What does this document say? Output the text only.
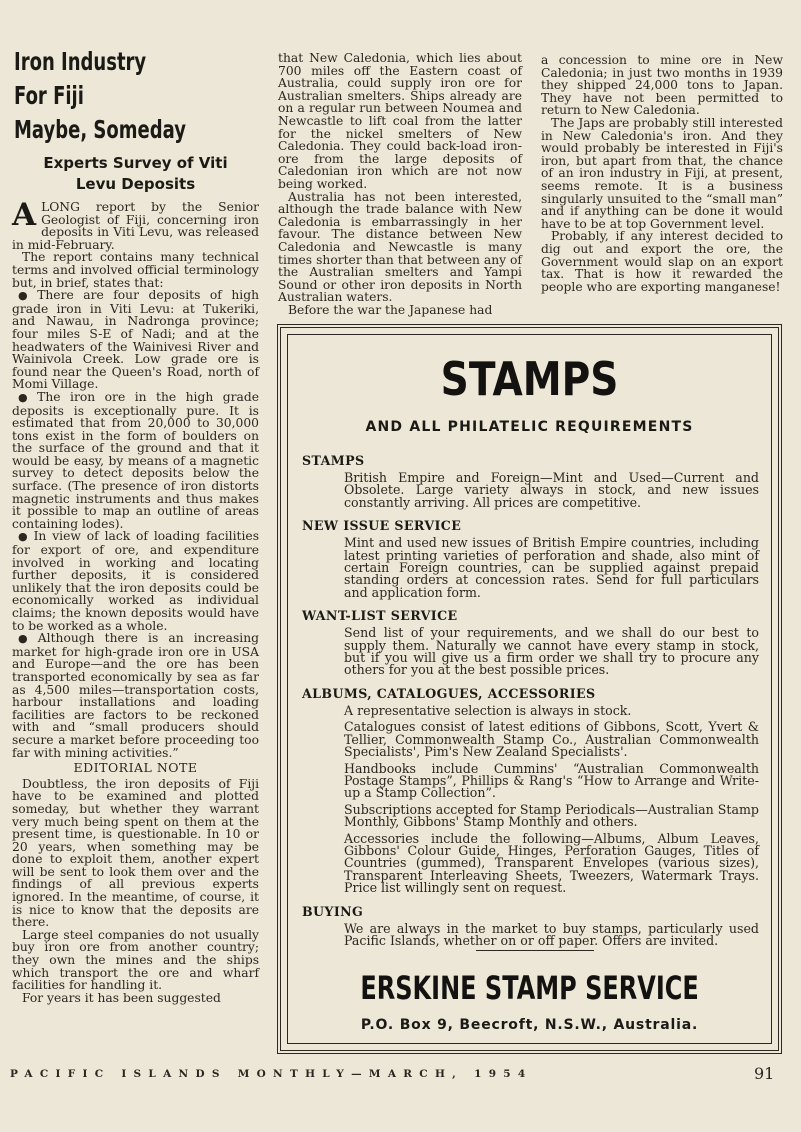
Iron Industry
For Fiji
Maybe, Someday
Experts Survey of Viti
Levu Deposits

ALONG report by the Senior Geologist of Fiji, concerning iron deposits in Viti Levu, was released in mid-February.

The report contains many technical terms and involved official terminology but, in brief, states that:

● There are four deposits of high grade iron in Viti Levu: at Tukeriki, and Nawau, in Nadronga province; four miles S-E of Nadi; and at the headwaters of the Wainivesi River and Wainivola Creek. Low grade ore is found near the Queen's Road, north of Momi Village.

● The iron ore in the high grade deposits is exceptionally pure. It is estimated that from 20,000 to 30,000 tons exist in the form of boulders on the surface of the ground and that it would be easy, by means of a magnetic survey to detect deposits below the surface. (The presence of iron distorts magnetic instruments and thus makes it possible to map an outline of areas containing lodes).

● In view of lack of loading facilities for export of ore, and expenditure involved in working and locating further deposits, it is considered unlikely that the iron deposits could be economically worked as individual claims; the known deposits would have to be worked as a whole.

● Although there is an increasing market for high-grade iron ore in USA and Europe—and the ore has been transported economically by sea as far as 4,500 miles—transportation costs, harbour installations and loading facilities are factors to be reckoned with and “small producers should secure a market before proceeding too far with mining activities.”

EDITORIAL NOTE

Doubtless, the iron deposits of Fiji have to be examined and plotted someday, but whether they warrant very much being spent on them at the present time, is questionable. In 10 or 20 years, when something may be done to exploit them, another expert will be sent to look them over and the findings of all previous experts ignored. In the meantime, of course, it is nice to know that the deposits are there.

Large steel companies do not usually buy iron ore from another country; they own the mines and the ships which transport the ore and wharf facilities for handling it.

For years it has been suggested

that New Caledonia, which lies about 700 miles off the Eastern coast of Australia, could supply iron ore for Australian smelters. Ships already are on a regular run between Noumea and Newcastle to lift coal from the latter for the nickel smelters of New Caledonia. They could back-load iron-ore from the large deposits of Caledonian iron which are not now being worked.

Australia has not been interested, although the trade balance with New Caledonia is embarrassingly in her favour. The distance between New Caledonia and Newcastle is many times shorter than that between any of the Australian smelters and Yampi Sound or other iron deposits in North Australian waters.

Before the war the Japanese had

a concession to mine ore in New Caledonia; in just two months in 1939 they shipped 24,000 tons to Japan. They have not been permitted to return to New Caledonia.

The Japs are probably still interested in New Caledonia's iron. And they would probably be interested in Fiji's iron, but apart from that, the chance of an iron industry in Fiji, at present, seems remote. It is a business singularly unsuited to the “small man” and if anything can be done it would have to be at top Government level.

Probably, if any interest decided to dig out and export the ore, the Government would slap on an export tax. That is how it rewarded the people who are exporting manganese!

STAMPS
AND ALL PHILATELIC REQUIREMENTS
STAMPS

British Empire and Foreign—Mint and Used—Current and Obsolete. Large variety always in stock, and new issues constantly arriving. All prices are competitive.

NEW ISSUE SERVICE

Mint and used new issues of British Empire countries, including latest printing varieties of perforation and shade, also mint of certain Foreign countries, can be supplied against prepaid standing orders at concession rates. Send for full particulars and application form.

WANT-LIST SERVICE

Send list of your requirements, and we shall do our best to supply them. Naturally we cannot have every stamp in stock, but if you will give us a firm order we shall try to procure any others for you at the best possible prices.

ALBUMS, CATALOGUES, ACCESSORIES

A representative selection is always in stock.

Catalogues consist of latest editions of Gibbons, Scott, Yvert & Tellier, Commonwealth Stamp Co., Australian Commonwealth Specialists', Pim's New Zealand Specialists'.

Handbooks include Cummins' “Australian Commonwealth Postage Stamps”, Phillips & Rang's “How to Arrange and Write-up a Stamp Collection”.

Subscriptions accepted for Stamp Periodicals—Australian Stamp Monthly, Gibbons' Stamp Monthly and others.

Accessories include the following—Albums, Album Leaves, Gibbons' Colour Guide, Hinges, Perforation Gauges, Titles of Countries (gummed), Transparent Envelopes (various sizes), Transparent Interleaving Sheets, Tweezers, Watermark Trays. Price list willingly sent on request.

BUYING

We are always in the market to buy stamps, particularly used Pacific Islands, whether on or off paper. Offers are invited.

ERSKINE STAMP SERVICE
P.O. Box 9, Beecroft, N.S.W., Australia.
PACIFIC ISLANDS MONTHLY—MARCH, 1954	91
